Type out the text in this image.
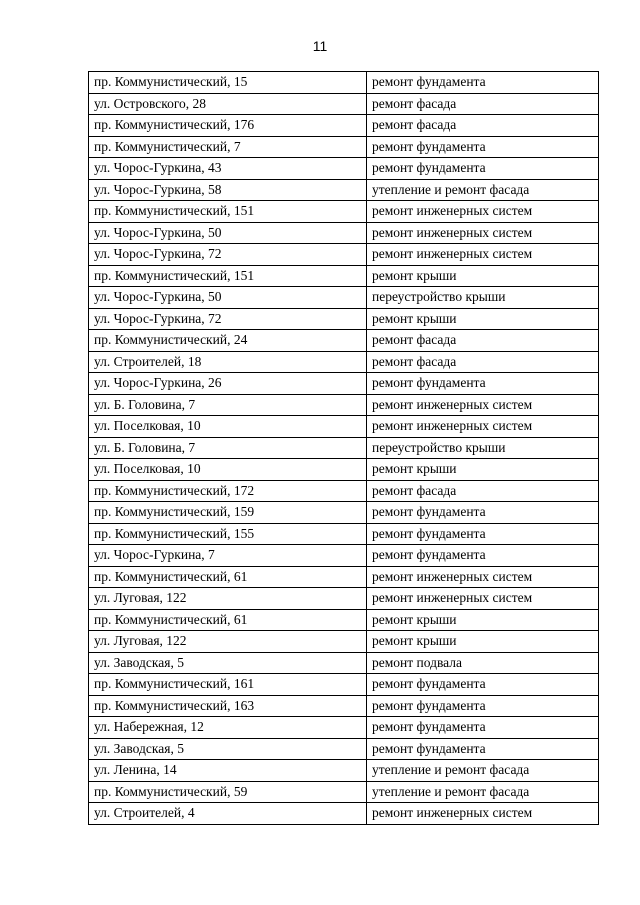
11
пр. Коммунистический, 15	ремонт фундамента
ул. Островского, 28	ремонт фасада
пр. Коммунистический, 176	ремонт фасада
пр. Коммунистический, 7	ремонт фундамента
ул. Чорос-Гуркина, 43	ремонт фундамента
ул. Чорос-Гуркина, 58	утепление и ремонт фасада
пр. Коммунистический, 151	ремонт инженерных систем
ул. Чорос-Гуркина, 50	ремонт инженерных систем
ул. Чорос-Гуркина, 72	ремонт инженерных систем
пр. Коммунистический, 151	ремонт крыши
ул. Чорос-Гуркина, 50	переустройство крыши
ул. Чорос-Гуркина, 72	ремонт крыши
пр. Коммунистический, 24	ремонт фасада
ул. Строителей, 18	ремонт фасада
ул. Чорос-Гуркина, 26	ремонт фундамента
ул. Б. Головина, 7	ремонт инженерных систем
ул. Поселковая, 10	ремонт инженерных систем
ул. Б. Головина, 7	переустройство крыши
ул. Поселковая, 10	ремонт крыши
пр. Коммунистический, 172	ремонт фасада
пр. Коммунистический, 159	ремонт фундамента
пр. Коммунистический, 155	ремонт фундамента
ул. Чорос-Гуркина, 7	ремонт фундамента
пр. Коммунистический, 61	ремонт инженерных систем
ул. Луговая, 122	ремонт инженерных систем
пр. Коммунистический, 61	ремонт крыши
ул. Луговая, 122	ремонт крыши
ул. Заводская, 5	ремонт подвала
пр. Коммунистический, 161	ремонт фундамента
пр. Коммунистический, 163	ремонт фундамента
ул. Набережная, 12	ремонт фундамента
ул. Заводская, 5	ремонт фундамента
ул. Ленина, 14	утепление и ремонт фасада
пр. Коммунистический, 59	утепление и ремонт фасада
ул. Строителей, 4	ремонт инженерных систем
